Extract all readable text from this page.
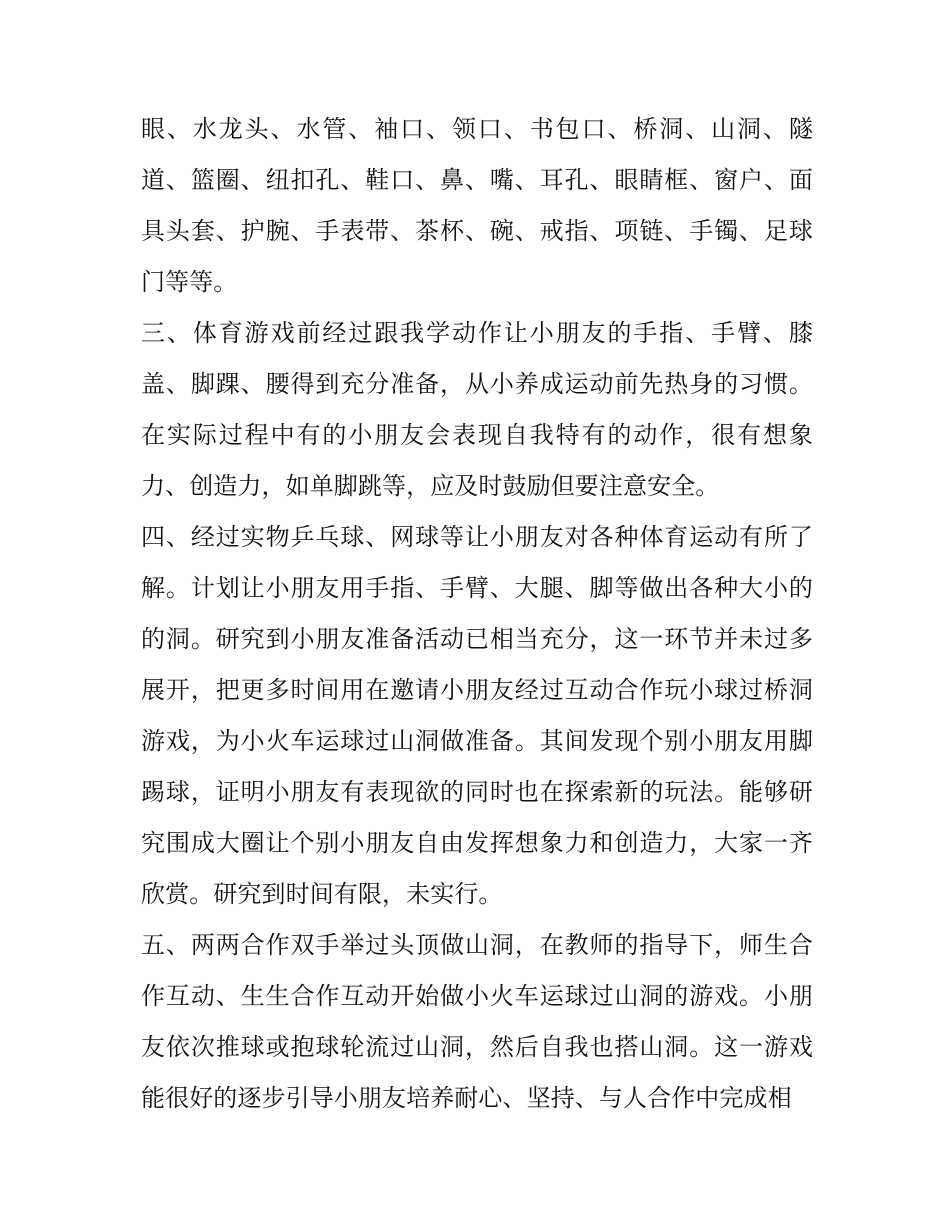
眼、水龙头、水管、袖口、领口、书包口、桥洞、山洞、隧道、篮圈、纽扣孔、鞋口、鼻、嘴、耳孔、眼睛框、窗户、面具头套、护腕、手表带、茶杯、碗、戒指、项链、手镯、足球门等等。

三、体育游戏前经过跟我学动作让小朋友的手指、手臂、膝盖、脚踝、腰得到充分准备，从小养成运动前先热身的习惯。在实际过程中有的小朋友会表现自我特有的动作，很有想象力、创造力，如单脚跳等，应及时鼓励但要注意安全。

四、经过实物乒乓球、网球等让小朋友对各种体育运动有所了解。计划让小朋友用手指、手臂、大腿、脚等做出各种大小的的洞。研究到小朋友准备活动已相当充分，这一环节并未过多展开，把更多时间用在邀请小朋友经过互动合作玩小球过桥洞游戏，为小火车运球过山洞做准备。其间发现个别小朋友用脚踢球，证明小朋友有表现欲的同时也在探索新的玩法。能够研究围成大圈让个别小朋友自由发挥想象力和创造力，大家一齐欣赏。研究到时间有限，未实行。

五、两两合作双手举过头顶做山洞，在教师的指导下，师生合作互动、生生合作互动开始做小火车运球过山洞的游戏。小朋友依次推球或抱球轮流过山洞，然后自我也搭山洞。这一游戏能很好的逐步引导小朋友培养耐心、坚持、与人合作中完成相
